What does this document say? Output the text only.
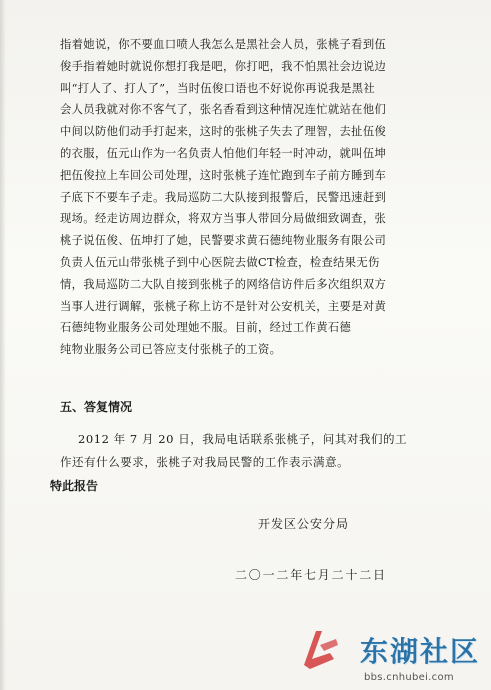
指着她说，你不要血口喷人我怎么是黑社会人员，张桃子看到伍
俊手指着她时就说你想打我是吧，你打吧，我不怕黑社会边说边
叫“打人了、打人了”，当时伍俊口语也不好说你再说我是黑社
会人员我就对你不客气了，张名香看到这种情况连忙就站在他们
中间以防他们动手打起来，这时的张桃子失去了理智，去扯伍俊
的衣服，伍元山作为一名负责人怕他们年轻一时冲动，就叫伍坤
把伍俊拉上车回公司处理，这时张桃子连忙跑到车子前方睡到车
子底下不要车子走。我局巡防二大队接到报警后，民警迅速赶到
现场。经走访周边群众，将双方当事人带回分局做细致调查，张
桃子说伍俊、伍坤打了她，民警要求黄石德纯物业服务有限公司
负责人伍元山带张桃子到中心医院去做CT检查，检查结果无伤
情，我局巡防二大队自接到张桃子的网络信访件后多次组织双方
当事人进行调解，张桃子称上访不是针对公安机关，主要是对黄
石德纯物业服务公司处理她不服。目前，经过工作黄石德
纯物业服务公司已答应支付张桃子的工资。
五、答复情况
2012 年 7 月 20 日，我局电话联系张桃子，问其对我们的工
作还有什么要求，张桃子对我局民警的工作表示满意。
特此报告
开发区公安分局
二〇一二年七月二十二日
东湖社区
bbs.cnhubei.com
